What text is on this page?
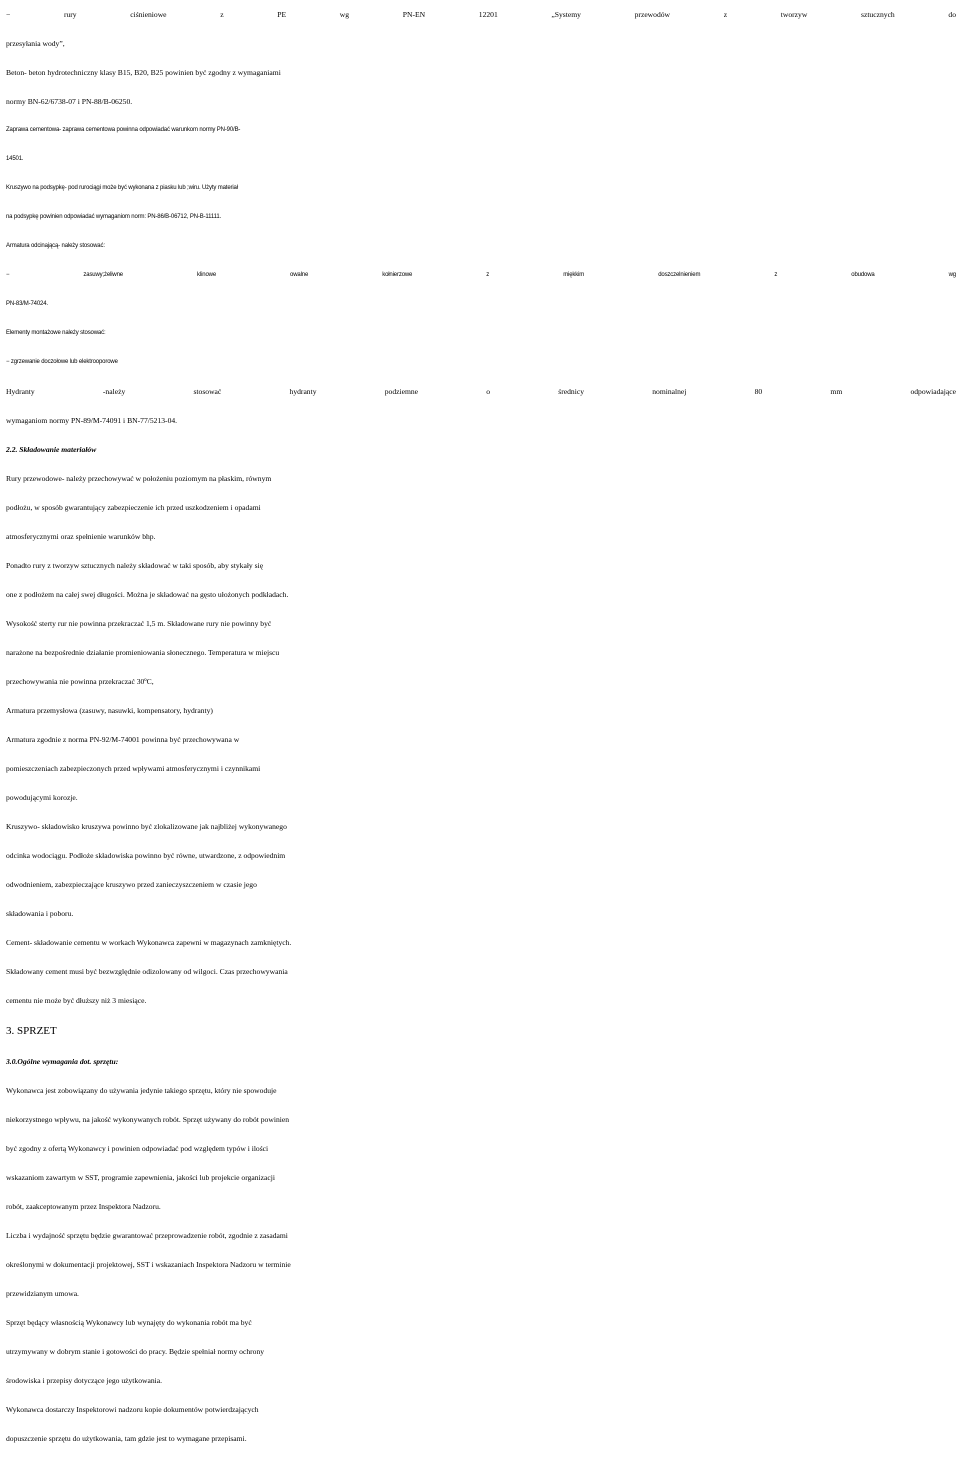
− rury ciśnieniowe z PE wg PN-EN 12201 „Systemy przewodów z tworzyw sztucznych do
przesyłania wody”,
Beton- beton hydrotechniczny klasy B15, B20, B25 powinien być zgodny z wymaganiami
normy BN-62/6738-07 i PN-88/B-06250.
Zaprawa cementowa- zaprawa cementowa powinna odpowiadać warunkom normy PN-90/B-
14501.
Kruszywo na podsypkę- pod rurociągi może być wykonana z piasku lub ;wiru. Użyty materiał
na podsypkę powinien odpowiadać wymaganiom norm: PN-86/B-06712, PN-B-11111.
Armatura odcinającą- należy stosować:
− zasuwy;żeliwne klinowe owalne kołnierzowe z miękkim doszczelnieniem z obudowa wg
PN-83/M-74024.
Elementy montażowe należy stosować:
− zgrzewanie doczołowe lub elektrooporowe
Hydranty -należy stosować hydranty podziemne o średnicy nominalnej 80 mm odpowiadające
wymaganiom normy PN-89/M-74091 i BN-77/5213-04.
2.2. Składowanie materiałów
Rury przewodowe- należy przechowywać w położeniu poziomym na płaskim, równym
podłożu, w sposób gwarantujący zabezpieczenie ich przed uszkodzeniem i opadami
atmosferycznymi oraz spełnienie warunków bhp.
Ponadto rury z tworzyw sztucznych należy składować w taki sposób, aby stykały się
one z podłożem na całej swej długości. Można je składować na gęsto ułożonych podkładach.
Wysokość sterty rur nie powinna przekraczać 1,5 m. Składowane rury nie powinny być
narażone na bezpośrednie działanie promieniowania słonecznego. Temperatura w miejscu
przechowywania nie powinna przekraczać 30ºC,
Armatura przemysłowa (zasuwy, nasuwki, kompensatory, hydranty)
Armatura zgodnie z norma PN-92/M-74001 powinna być przechowywana w
pomieszczeniach zabezpieczonych przed wpływami atmosferycznymi i czynnikami
powodującymi korozje.
Kruszywo- składowisko kruszywa powinno być zlokalizowane jak najbliżej wykonywanego
odcinka wodociągu. Podłoże składowiska powinno być równe, utwardzone, z odpowiednim
odwodnieniem, zabezpieczające kruszywo przed zanieczyszczeniem w czasie jego
składowania i poboru.
Cement- składowanie cementu w workach Wykonawca zapewni w magazynach zamkniętych.
Składowany cement musi być bezwzględnie odizolowany od wilgoci. Czas przechowywania
cementu nie może być dłuższy niż 3 miesiące.
3. SPRZET
3.0.Ogólne wymagania dot. sprzętu:
Wykonawca jest zobowiązany do używania jedynie takiego sprzętu, który nie spowoduje
niekorzystnego wpływu, na jakość wykonywanych robót. Sprzęt używany do robót powinien
być zgodny z ofertą Wykonawcy i powinien odpowiadać pod względem typów i ilości
wskazaniom zawartym w SST, programie zapewnienia, jakości lub projekcie organizacji
robót, zaakceptowanym przez Inspektora Nadzoru.
Liczba i wydajność sprzętu będzie gwarantować przeprowadzenie robót, zgodnie z zasadami
określonymi w dokumentacji projektowej, SST i wskazaniach Inspektora Nadzoru w terminie
przewidzianym umowa.
Sprzęt będący własnością Wykonawcy lub wynajęty do wykonania robót ma być
utrzymywany w dobrym stanie i gotowości do pracy. Będzie spełniał normy ochrony
środowiska i przepisy dotyczące jego użytkowania.
Wykonawca dostarczy Inspektorowi nadzoru kopie dokumentów potwierdzających
dopuszczenie sprzętu do użytkowania, tam gdzie jest to wymagane przepisami.
